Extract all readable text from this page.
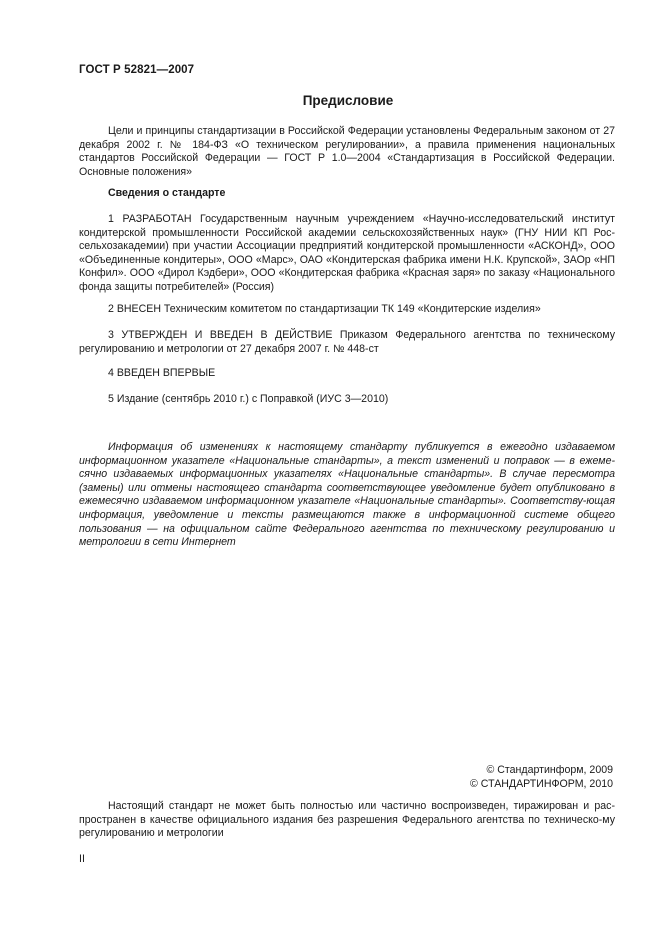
ГОСТ Р 52821—2007
Предисловие

Цели и принципы стандартизации в Российской Федерации установлены Федеральным законом от 27 декабря 2002 г. № 184-ФЗ «О техническом регулировании», а правила применения национальных стандартов Российской Федерации — ГОСТ Р 1.0—2004 «Стандартизация в Российской Федерации. Основные положения»

Сведения о стандарте

1 РАЗРАБОТАН Государственным научным учреждением «Научно-исследовательский институт кондитерской промышленности Российской академии сельскохозяйственных наук» (ГНУ НИИ КП Рос-сельхозакадемии) при участии Ассоциации предприятий кондитерской промышленности «АСКОНД», ООО «Объединенные кондитеры», ООО «Марс», ОАО «Кондитерская фабрика имени Н.К. Крупской», ЗАОр «НП Конфил». ООО «Дирол Кэдбери», ООО «Кондитерская фабрика «Красная заря» по заказу «Национального фонда защиты потребителей» (Россия)

2 ВНЕСЕН Техническим комитетом по стандартизации ТК 149 «Кондитерские изделия»

3 УТВЕРЖДЕН И ВВЕДЕН В ДЕЙСТВИЕ Приказом Федерального агентства по техническому регулированию и метрологии от 27 декабря 2007 г. № 448-ст

4 ВВЕДЕН ВПЕРВЫЕ

5 Издание (сентябрь 2010 г.) с Поправкой (ИУС 3—2010)

Информация об изменениях к настоящему стандарту публикуется в ежегодно издаваемом информационном указателе «Национальные стандарты», а текст изменений и поправок — в ежеме-сячно издаваемых информационных указателях «Национальные стандарты». В случае пересмотра (замены) или отмены настоящего стандарта соответствующее уведомление будет опубликовано в ежемесячно издаваемом информационном указателе «Национальные стандарты». Соответству-ющая информация, уведомление и тексты размещаются также в информационной системе общего пользования — на официальном сайте Федерального агентства по техническому регулированию и метрологии в сети Интернет

© Стандартинформ, 2009
© СТАНДАРТИНФОРМ, 2010

Настоящий стандарт не может быть полностью или частично воспроизведен, тиражирован и рас-пространен в качестве официального издания без разрешения Федерального агентства по техническо-му регулированию и метрологии

II
